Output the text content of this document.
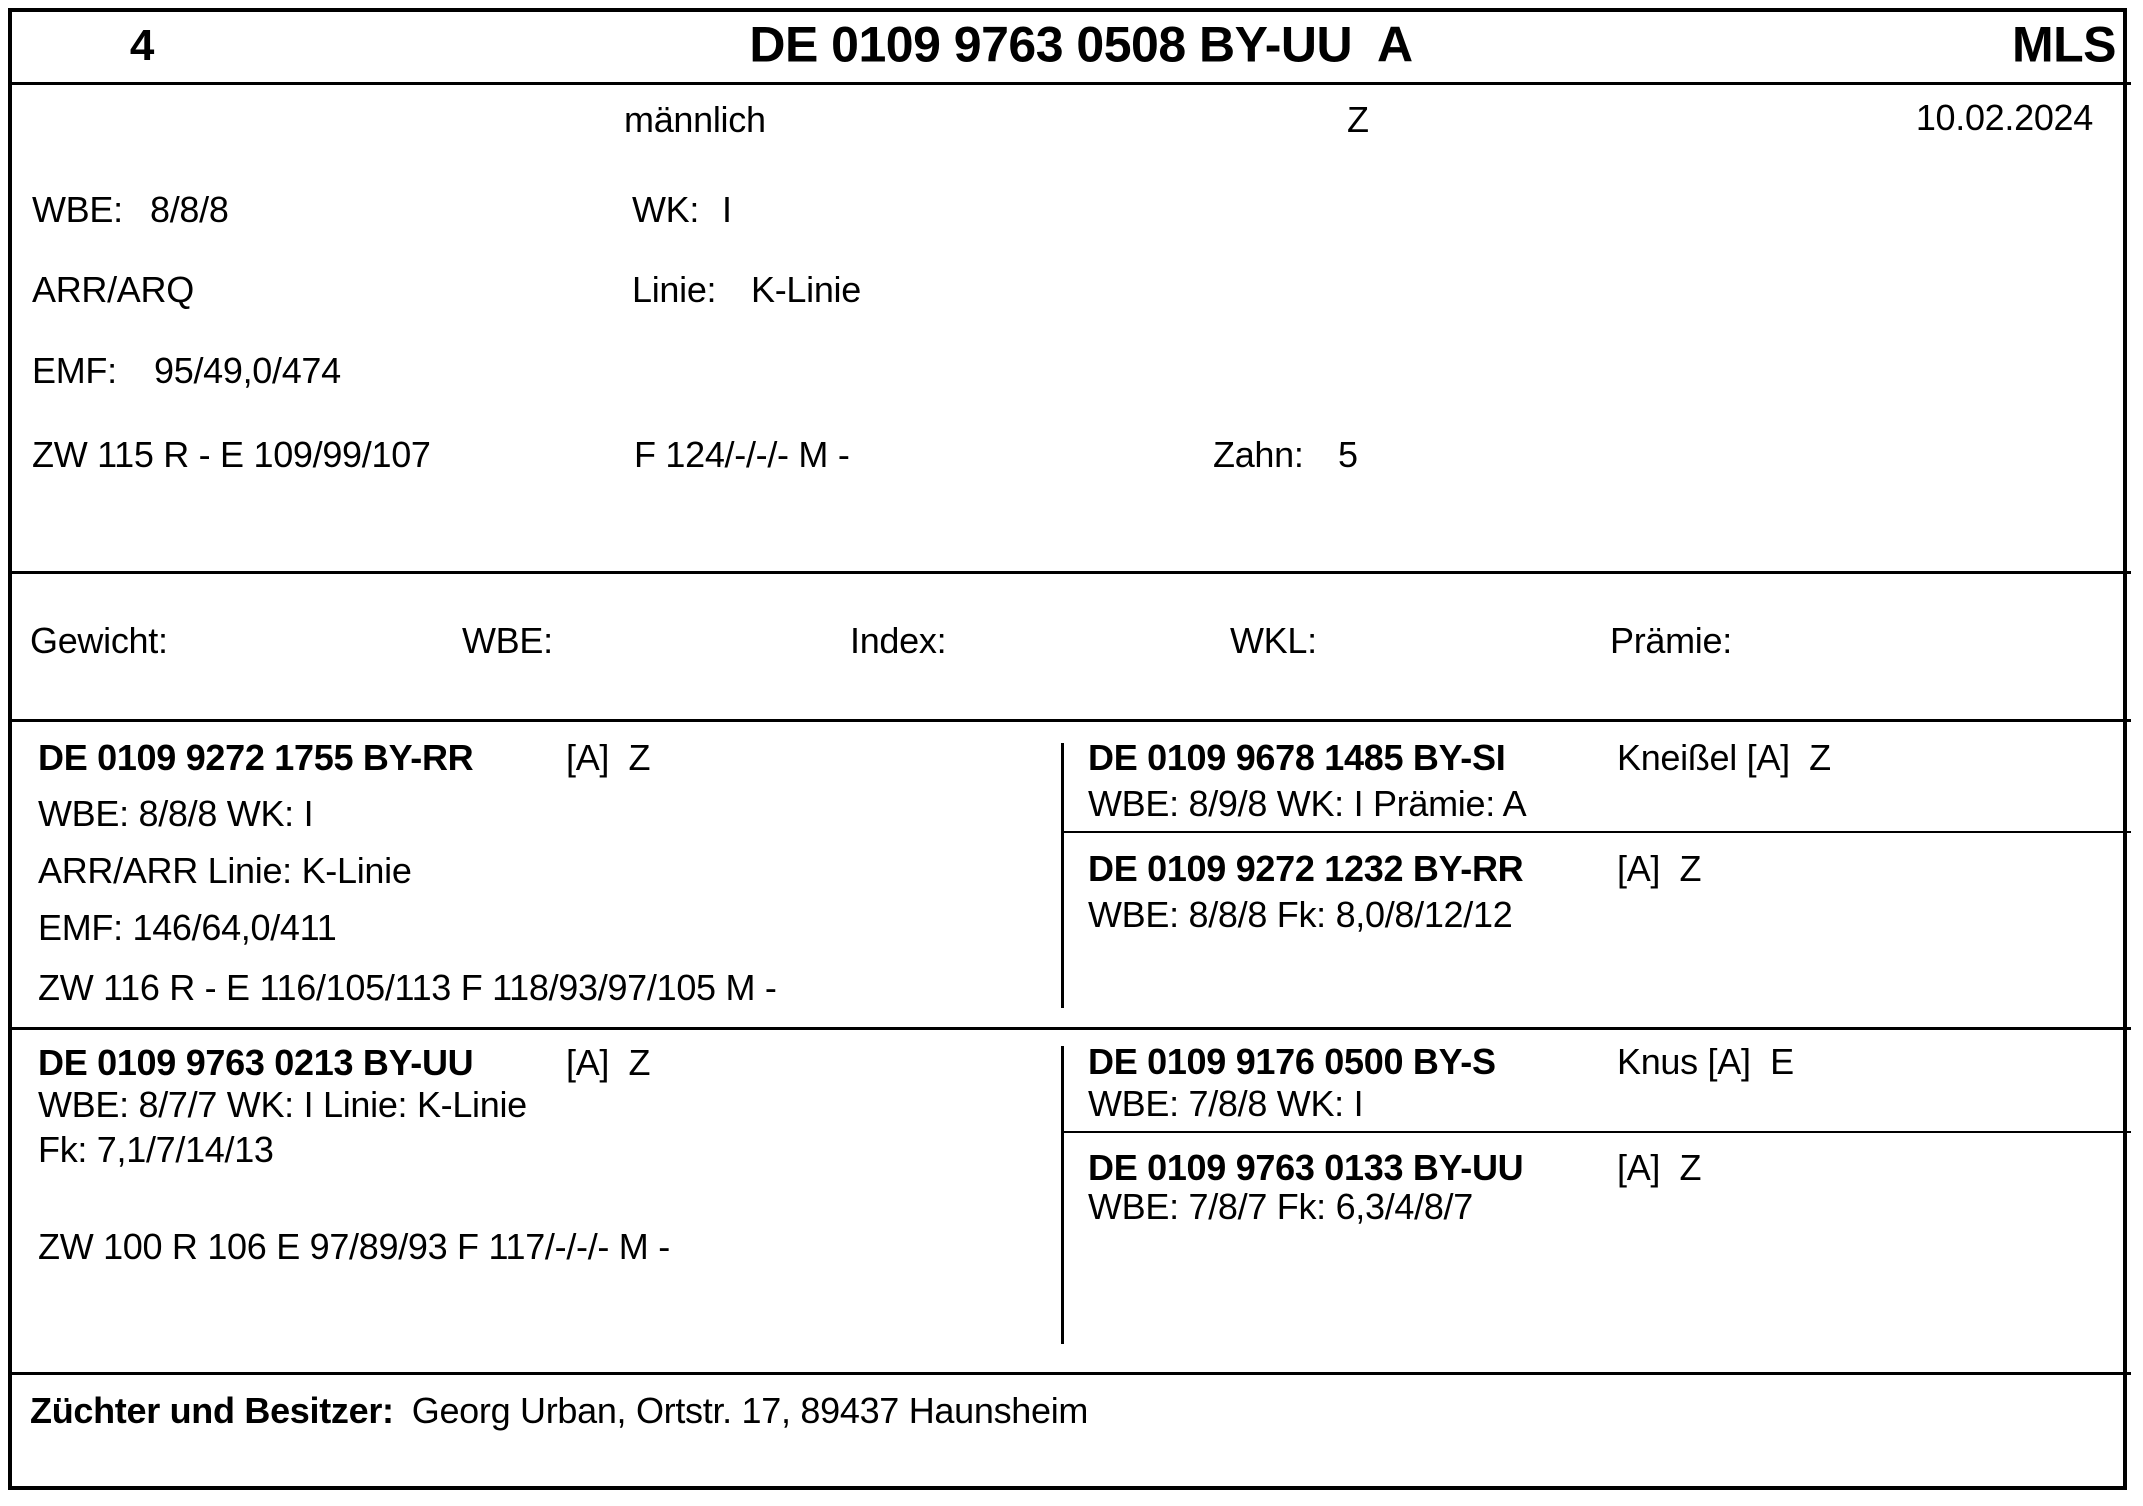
4	DE 0109 9763 0508 BY-UU  A	MLS
männlich	Z	10.02.2024
WBE: 8/8/8	WK: I
ARR/ARQ	Linie: K-Linie
EMF: 95/49,0/474
ZW 115 R - E 109/99/107	F 124/-/-/- M -	Zahn: 5
Gewicht:	WBE:	Index:	WKL:	Prämie:
DE 0109 9272 1755 BY-RR	[A]  Z
WBE: 8/8/8 WK: I
ARR/ARR Linie: K-Linie
EMF: 146/64,0/411
ZW 116 R - E 116/105/113 F 118/93/97/105 M -
DE 0109 9678 1485 BY-SI	Kneißel [A]  Z
WBE: 8/9/8 WK: I Prämie: A
DE 0109 9272 1232 BY-RR	[A]  Z
WBE: 8/8/8 Fk: 8,0/8/12/12
DE 0109 9763 0213 BY-UU	[A]  Z
WBE: 8/7/7 WK: I Linie: K-Linie
Fk: 7,1/7/14/13
ZW 100 R 106 E 97/89/93 F 117/-/-/- M -
DE 0109 9176 0500 BY-S	Knus [A]  E
WBE: 7/8/8 WK: I
DE 0109 9763 0133 BY-UU	[A]  Z
WBE: 7/8/7 Fk: 6,3/4/8/7
Züchter und Besitzer: Georg Urban, Ortstr. 17, 89437 Haunsheim
